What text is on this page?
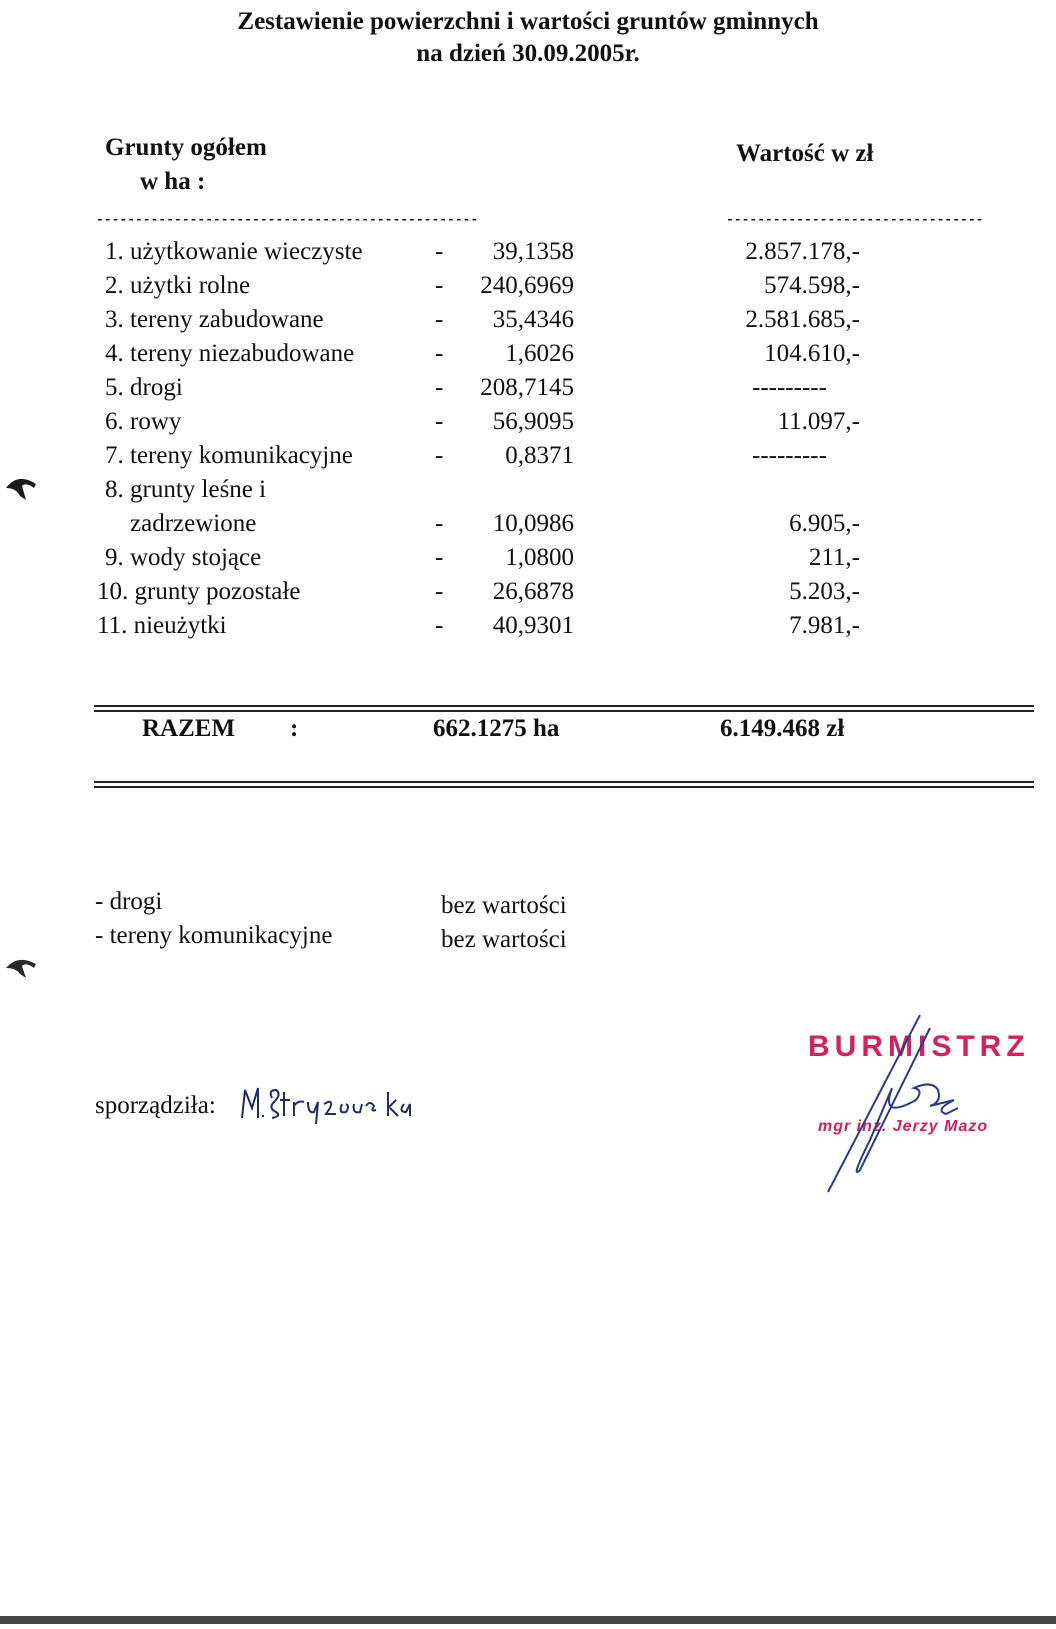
Zestawienie powierzchni i wartości gruntów gminnych
na dzień 30.09.2005r.
Grunty ogółem
w ha :
Wartość w zł
-------------------------------------------------	---------------------------------
1. użytkowanie wieczyste	-	39,1358	2.857.178,-
2. użytki rolne	-	240,6969	574.598,-
3. tereny zabudowane	-	35,4346	2.581.685,-
4. tereny niezabudowane	-	1,6026	104.610,-
5. drogi	-	208,7145	---------
6. rowy	-	56,9095	11.097,-
7. tereny komunikacyjne	-	0,8371	---------
8. grunty leśne i
zadrzewione	-	10,0986	6.905,-
9. wody stojące	-	1,0800	211,-
10. grunty pozostałe	-	26,6878	5.203,-
11. nieużytki	-	40,9301	7.981,-
RAZEM :	662.1275 ha	6.149.468 zł
- drogi	bez wartości
- tereny komunikacyjne	bez wartości
sporządziła:
BURMISTRZ
mgr inż. Jerzy Mazo
